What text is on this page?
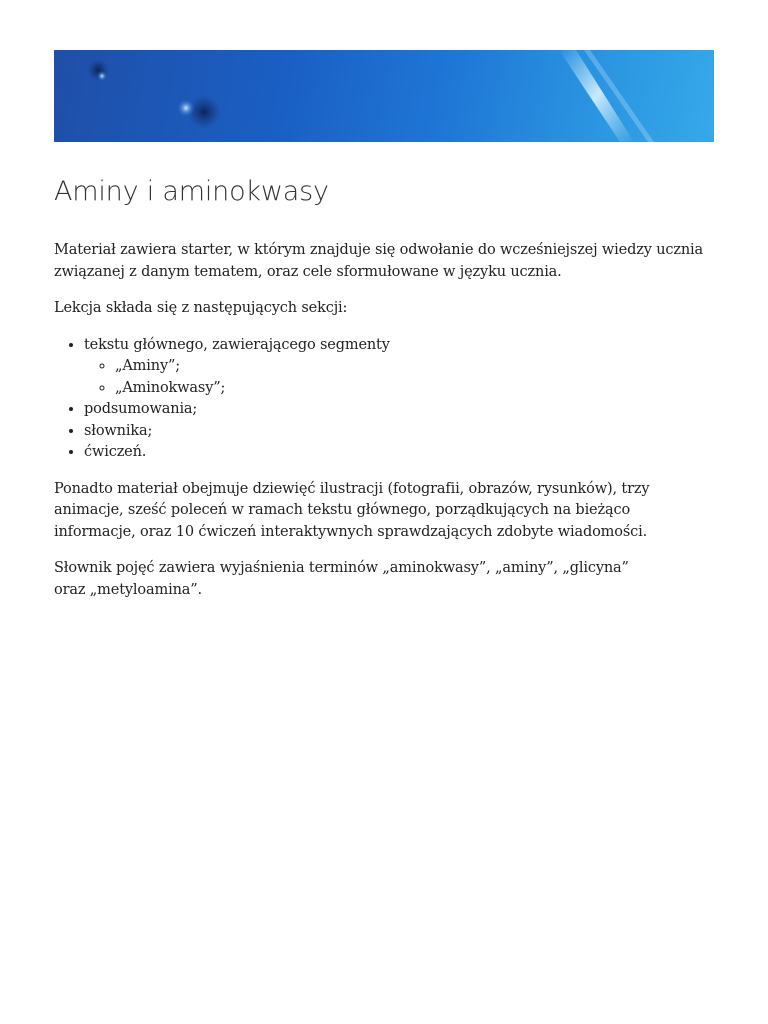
Aminy i aminokwasy

Materiał zawiera starter, w którym znajduje się odwołanie do wcześniejszej wiedzy ucznia związanej z danym tematem, oraz cele sformułowane w języku ucznia.

Lekcja składa się z następujących sekcji:

• tekstu głównego, zawierającego segmenty
◦ „Aminy”;
◦ „Aminokwasy”;
• podsumowania;
• słownika;
• ćwiczeń.

Ponadto materiał obejmuje dziewięć ilustracji (fotografii, obrazów, rysunków), trzy animacje, sześć poleceń w ramach tekstu głównego, porządkujących na bieżąco informacje, oraz 10 ćwiczeń interaktywnych sprawdzających zdobyte wiadomości.

Słownik pojęć zawiera wyjaśnienia terminów „aminokwasy”, „aminy”, „glicyna”
oraz „metyloamina”.
